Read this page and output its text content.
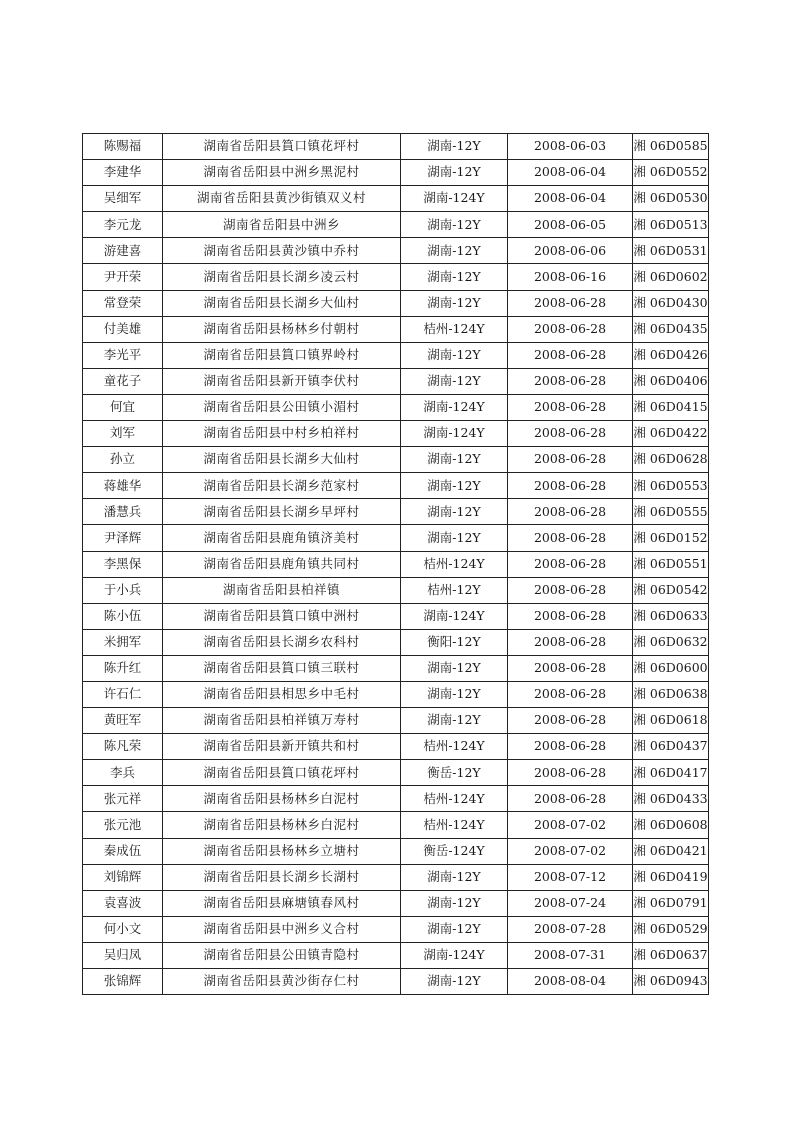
陈赐福	湖南省岳阳县篔口镇花坪村	湖南-12Y	2008-06-03	湘 06D0585
李建华	湖南省岳阳县中洲乡黑泥村	湖南-12Y	2008-06-04	湘 06D0552
吴细军	湖南省岳阳县黄沙街镇双义村	湖南-124Y	2008-06-04	湘 06D0530
李元龙	湖南省岳阳县中洲乡	湖南-12Y	2008-06-05	湘 06D0513
游建喜	湖南省岳阳县黄沙镇中乔村	湖南-12Y	2008-06-06	湘 06D0531
尹开荣	湖南省岳阳县长湖乡凌云村	湖南-12Y	2008-06-16	湘 06D0602
常登荣	湖南省岳阳县长湖乡大仙村	湖南-12Y	2008-06-28	湘 06D0430
付美雄	湖南省岳阳县杨林乡付朝村	桔州-124Y	2008-06-28	湘 06D0435
李光平	湖南省岳阳县篔口镇界岭村	湖南-12Y	2008-06-28	湘 06D0426
童花子	湖南省岳阳县新开镇李伏村	湖南-12Y	2008-06-28	湘 06D0406
何宜	湖南省岳阳县公田镇小湄村	湖南-124Y	2008-06-28	湘 06D0415
刘军	湖南省岳阳县中村乡柏祥村	湖南-124Y	2008-06-28	湘 06D0422
孙立	湖南省岳阳县长湖乡大仙村	湖南-12Y	2008-06-28	湘 06D0628
蒋雄华	湖南省岳阳县长湖乡范家村	湖南-12Y	2008-06-28	湘 06D0553
潘慧兵	湖南省岳阳县长湖乡早坪村	湖南-12Y	2008-06-28	湘 06D0555
尹泽辉	湖南省岳阳县鹿角镇济美村	湖南-12Y	2008-06-28	湘 06D0152
李黑保	湖南省岳阳县鹿角镇共同村	桔州-124Y	2008-06-28	湘 06D0551
于小兵	湖南省岳阳县柏祥镇	桔州-12Y	2008-06-28	湘 06D0542
陈小伍	湖南省岳阳县篔口镇中洲村	湖南-124Y	2008-06-28	湘 06D0633
米拥军	湖南省岳阳县长湖乡农科村	衡阳-12Y	2008-06-28	湘 06D0632
陈升红	湖南省岳阳县篔口镇三联村	湖南-12Y	2008-06-28	湘 06D0600
许石仁	湖南省岳阳县相思乡中毛村	湖南-12Y	2008-06-28	湘 06D0638
黄旺军	湖南省岳阳县柏祥镇万寿村	湖南-12Y	2008-06-28	湘 06D0618
陈凡荣	湖南省岳阳县新开镇共和村	桔州-124Y	2008-06-28	湘 06D0437
李兵	湖南省岳阳县篔口镇花坪村	衡岳-12Y	2008-06-28	湘 06D0417
张元祥	湖南省岳阳县杨林乡白泥村	桔州-124Y	2008-06-28	湘 06D0433
张元池	湖南省岳阳县杨林乡白泥村	桔州-124Y	2008-07-02	湘 06D0608
秦成伍	湖南省岳阳县杨林乡立塘村	衡岳-124Y	2008-07-02	湘 06D0421
刘锦辉	湖南省岳阳县长湖乡长湖村	湖南-12Y	2008-07-12	湘 06D0419
袁喜波	湖南省岳阳县麻塘镇春风村	湖南-12Y	2008-07-24	湘 06D0791
何小文	湖南省岳阳县中洲乡义合村	湖南-12Y	2008-07-28	湘 06D0529
吴归凤	湖南省岳阳县公田镇青隐村	湖南-124Y	2008-07-31	湘 06D0637
张锦辉	湖南省岳阳县黄沙街存仁村	湖南-12Y	2008-08-04	湘 06D0943
